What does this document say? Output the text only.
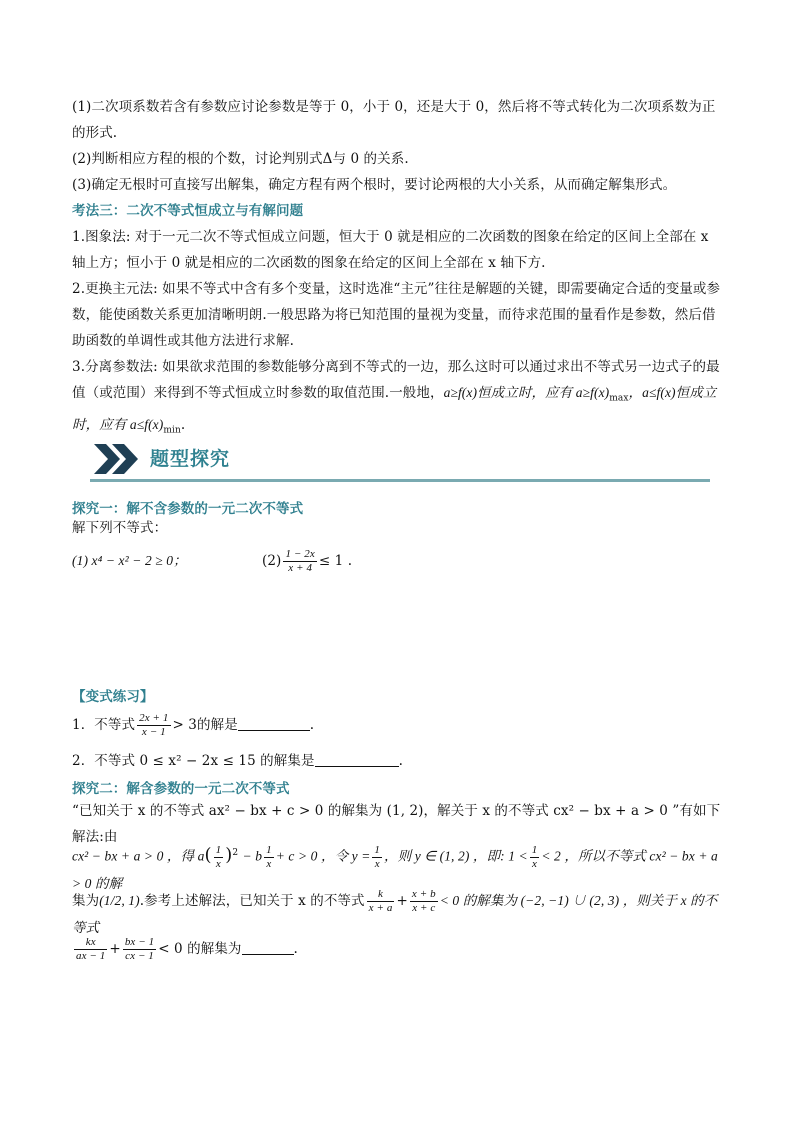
(1)二次项系数若含有参数应讨论参数是等于 0，小于 0，还是大于 0，然后将不等式转化为二次项系数为正的形式.

(2)判断相应方程的根的个数，讨论判别式Δ与 0 的关系.

(3)确定无根时可直接写出解集，确定方程有两个根时，要讨论两根的大小关系，从而确定解集形式。

考法三：二次不等式恒成立与有解问题

1.图象法: 对于一元二次不等式恒成立问题，恒大于 0 就是相应的二次函数的图象在给定的区间上全部在 x 轴上方；恒小于 0 就是相应的二次函数的图象在给定的区间上全部在 x 轴下方.

2.更换主元法: 如果不等式中含有多个变量，这时选准“主元”往往是解题的关键，即需要确定合适的变量或参数，能使函数关系更加清晰明朗.一般思路为将已知范围的量视为变量，而待求范围的量看作是参数，然后借助函数的单调性或其他方法进行求解.

3.分离参数法: 如果欲求范围的参数能够分离到不等式的一边，那么这时可以通过求出不等式另一边式子的最值（或范围）来得到不等式恒成立时参数的取值范围.一般地，a≥f(x)恒成立时，应有 $a\ge f(x)_{max}$，a≤f(x)恒成立时，应有 $a\le f(x)_{min}$.

题型探究

探究一：解不含参数的一元二次不等式

解下列不等式：

(1) x⁴ − x² − 2 ≥ 0；	$(2) \frac{1 - 2x}{x + 4} \le 1$ .

【变式练习】

1．不等式 $\frac{2x + 1}{x - 1} > 3$的解是	.
2．不等式 0 ≤ x² − 2x ≤ 15 的解集是	.

探究二：解含参数的一元二次不等式

“已知关于 x 的不等式 ax² − bx + c > 0 的解集为 (1, 2)，解关于 x 的不等式 cx² − bx + a > 0 ”有如下解法:由

cx² − bx + a > 0 ，得 $a( \frac{1}{x} )^2 - b \frac{1}{x} + c > 0$ ，令 $y = \frac{1}{x}$ ，则 y ∈ (1, 2) ，即: $1 < \frac{1}{x} < 2$ ，所以不等式 cx² − bx + a > 0 的解
集为(1/2, 1).参考上述解法，已知关于 x 的不等式 $\frac{k}{x + a} + \frac{x + b}{x + c} < 0$ 的解集为 (−2, −1) ∪ (2, 3) ，则关于 x 的不等式
$\frac{kx}{ax - 1} + \frac{bx - 1}{cx - 1} < 0$ 的解集为	.
